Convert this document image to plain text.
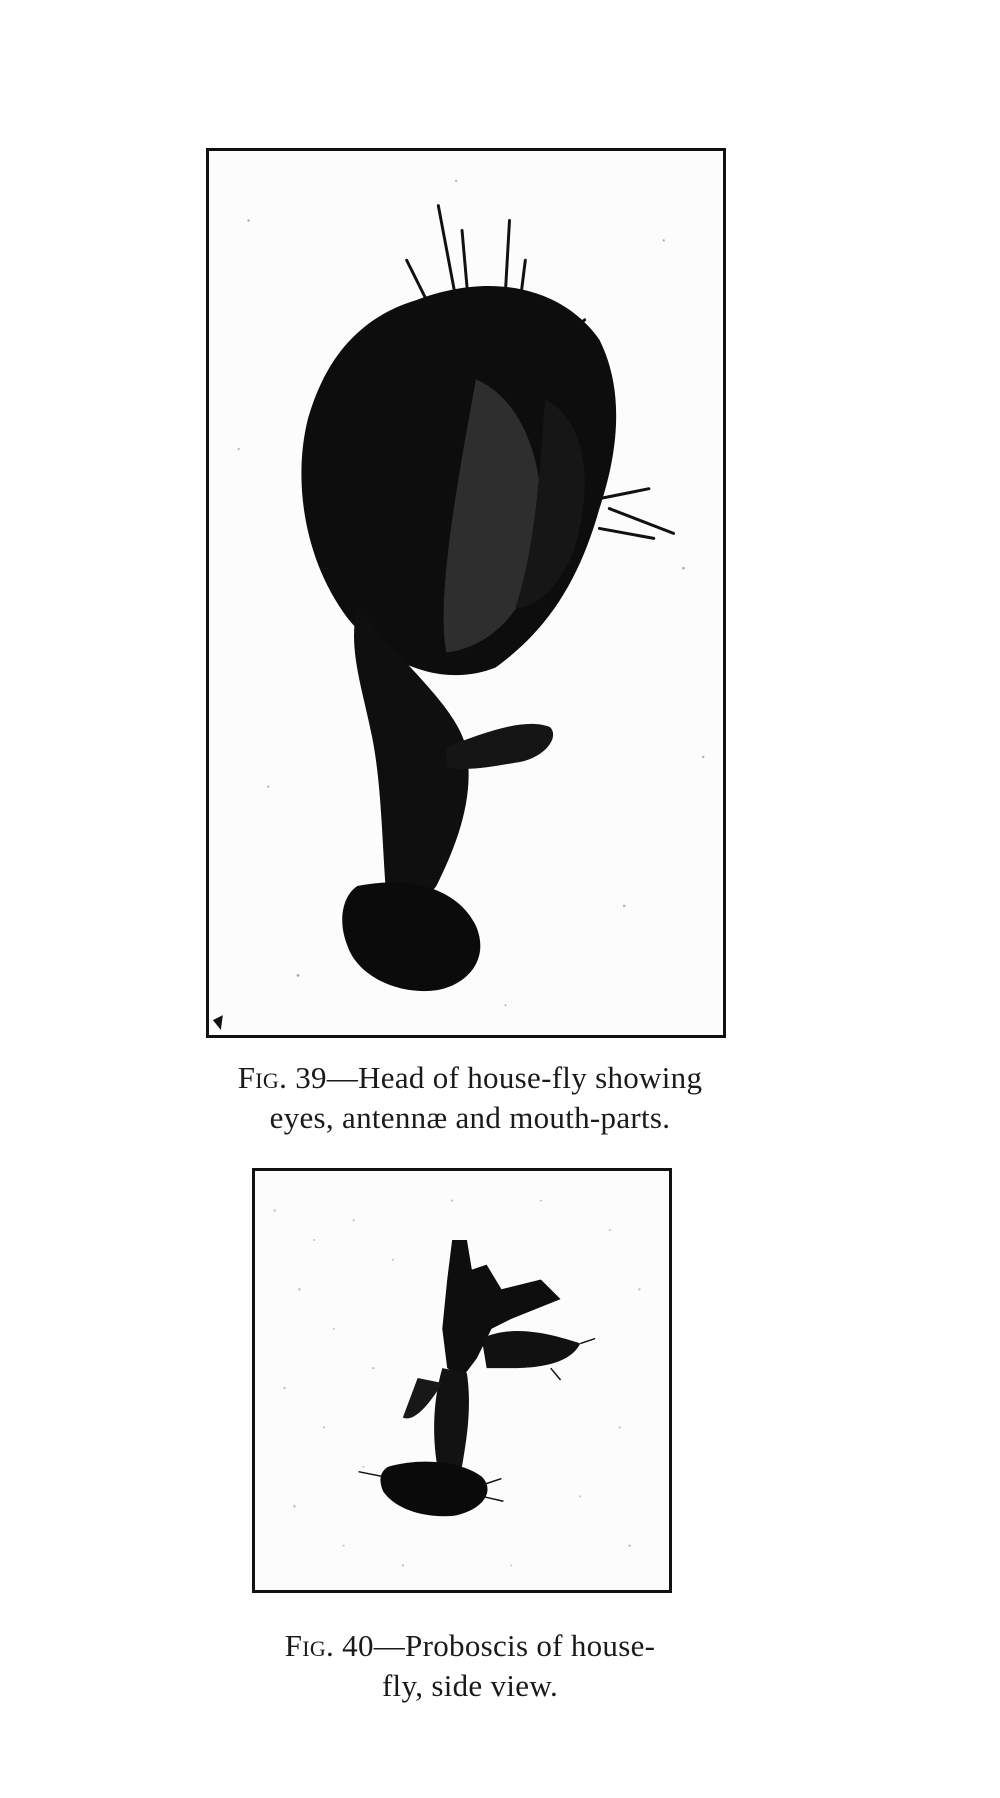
Fig. 39—Head of house-fly showing
eyes, antennæ and mouth-parts.
Fig. 40—Proboscis of house-
fly, side view.
